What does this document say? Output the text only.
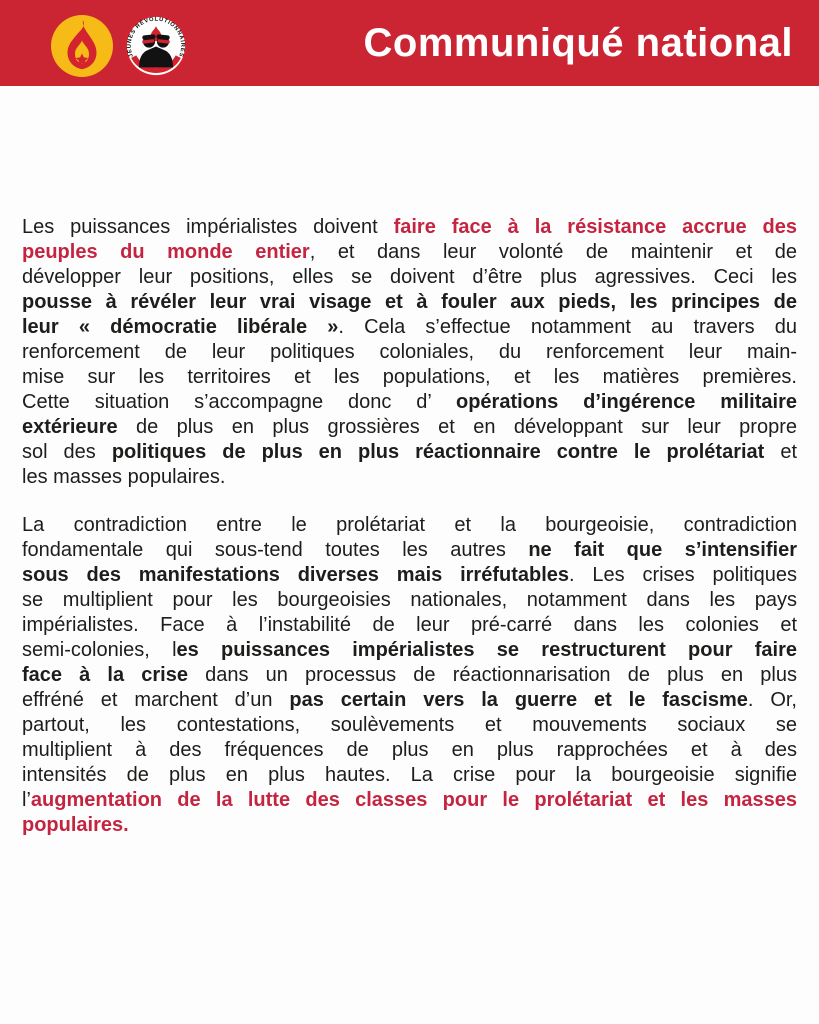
JEUNES RÉVOLUTIONNAIRES	Communiqué national
Les puissances impérialistes doivent faire face à la résistance accrue des
peuples du monde entier, et dans leur volonté de maintenir et de
développer leur positions, elles se doivent d’être plus agressives. Ceci les
pousse à révéler leur vrai visage et à fouler aux pieds, les principes de
leur « démocratie libérale ». Cela s’effectue notamment au travers du
renforcement de leur politiques coloniales, du renforcement leur main-
mise sur les territoires et les populations, et les matières premières.
Cette situation s’accompagne donc d’ opérations d’ingérence militaire
extérieure de plus en plus grossières et en développant sur leur propre
sol des politiques de plus en plus réactionnaire contre le prolétariat et
les masses populaires.
La contradiction entre le prolétariat et la bourgeoisie, contradiction
fondamentale qui sous-tend toutes les autres ne fait que s’intensifier
sous des manifestations diverses mais irréfutables. Les crises politiques
se multiplient pour les bourgeoisies nationales, notamment dans les pays
impérialistes. Face à l’instabilité de leur pré-carré dans les colonies et
semi-colonies, les puissances impérialistes se restructurent pour faire
face à la crise dans un processus de réactionnarisation de plus en plus
effréné et marchent d’un pas certain vers la guerre et le fascisme. Or,
partout, les contestations, soulèvements et mouvements sociaux se
multiplient à des fréquences de plus en plus rapprochées et à des
intensités de plus en plus hautes. La crise pour la bourgeoisie signifie
l’augmentation de la lutte des classes pour le prolétariat et les masses
populaires.
